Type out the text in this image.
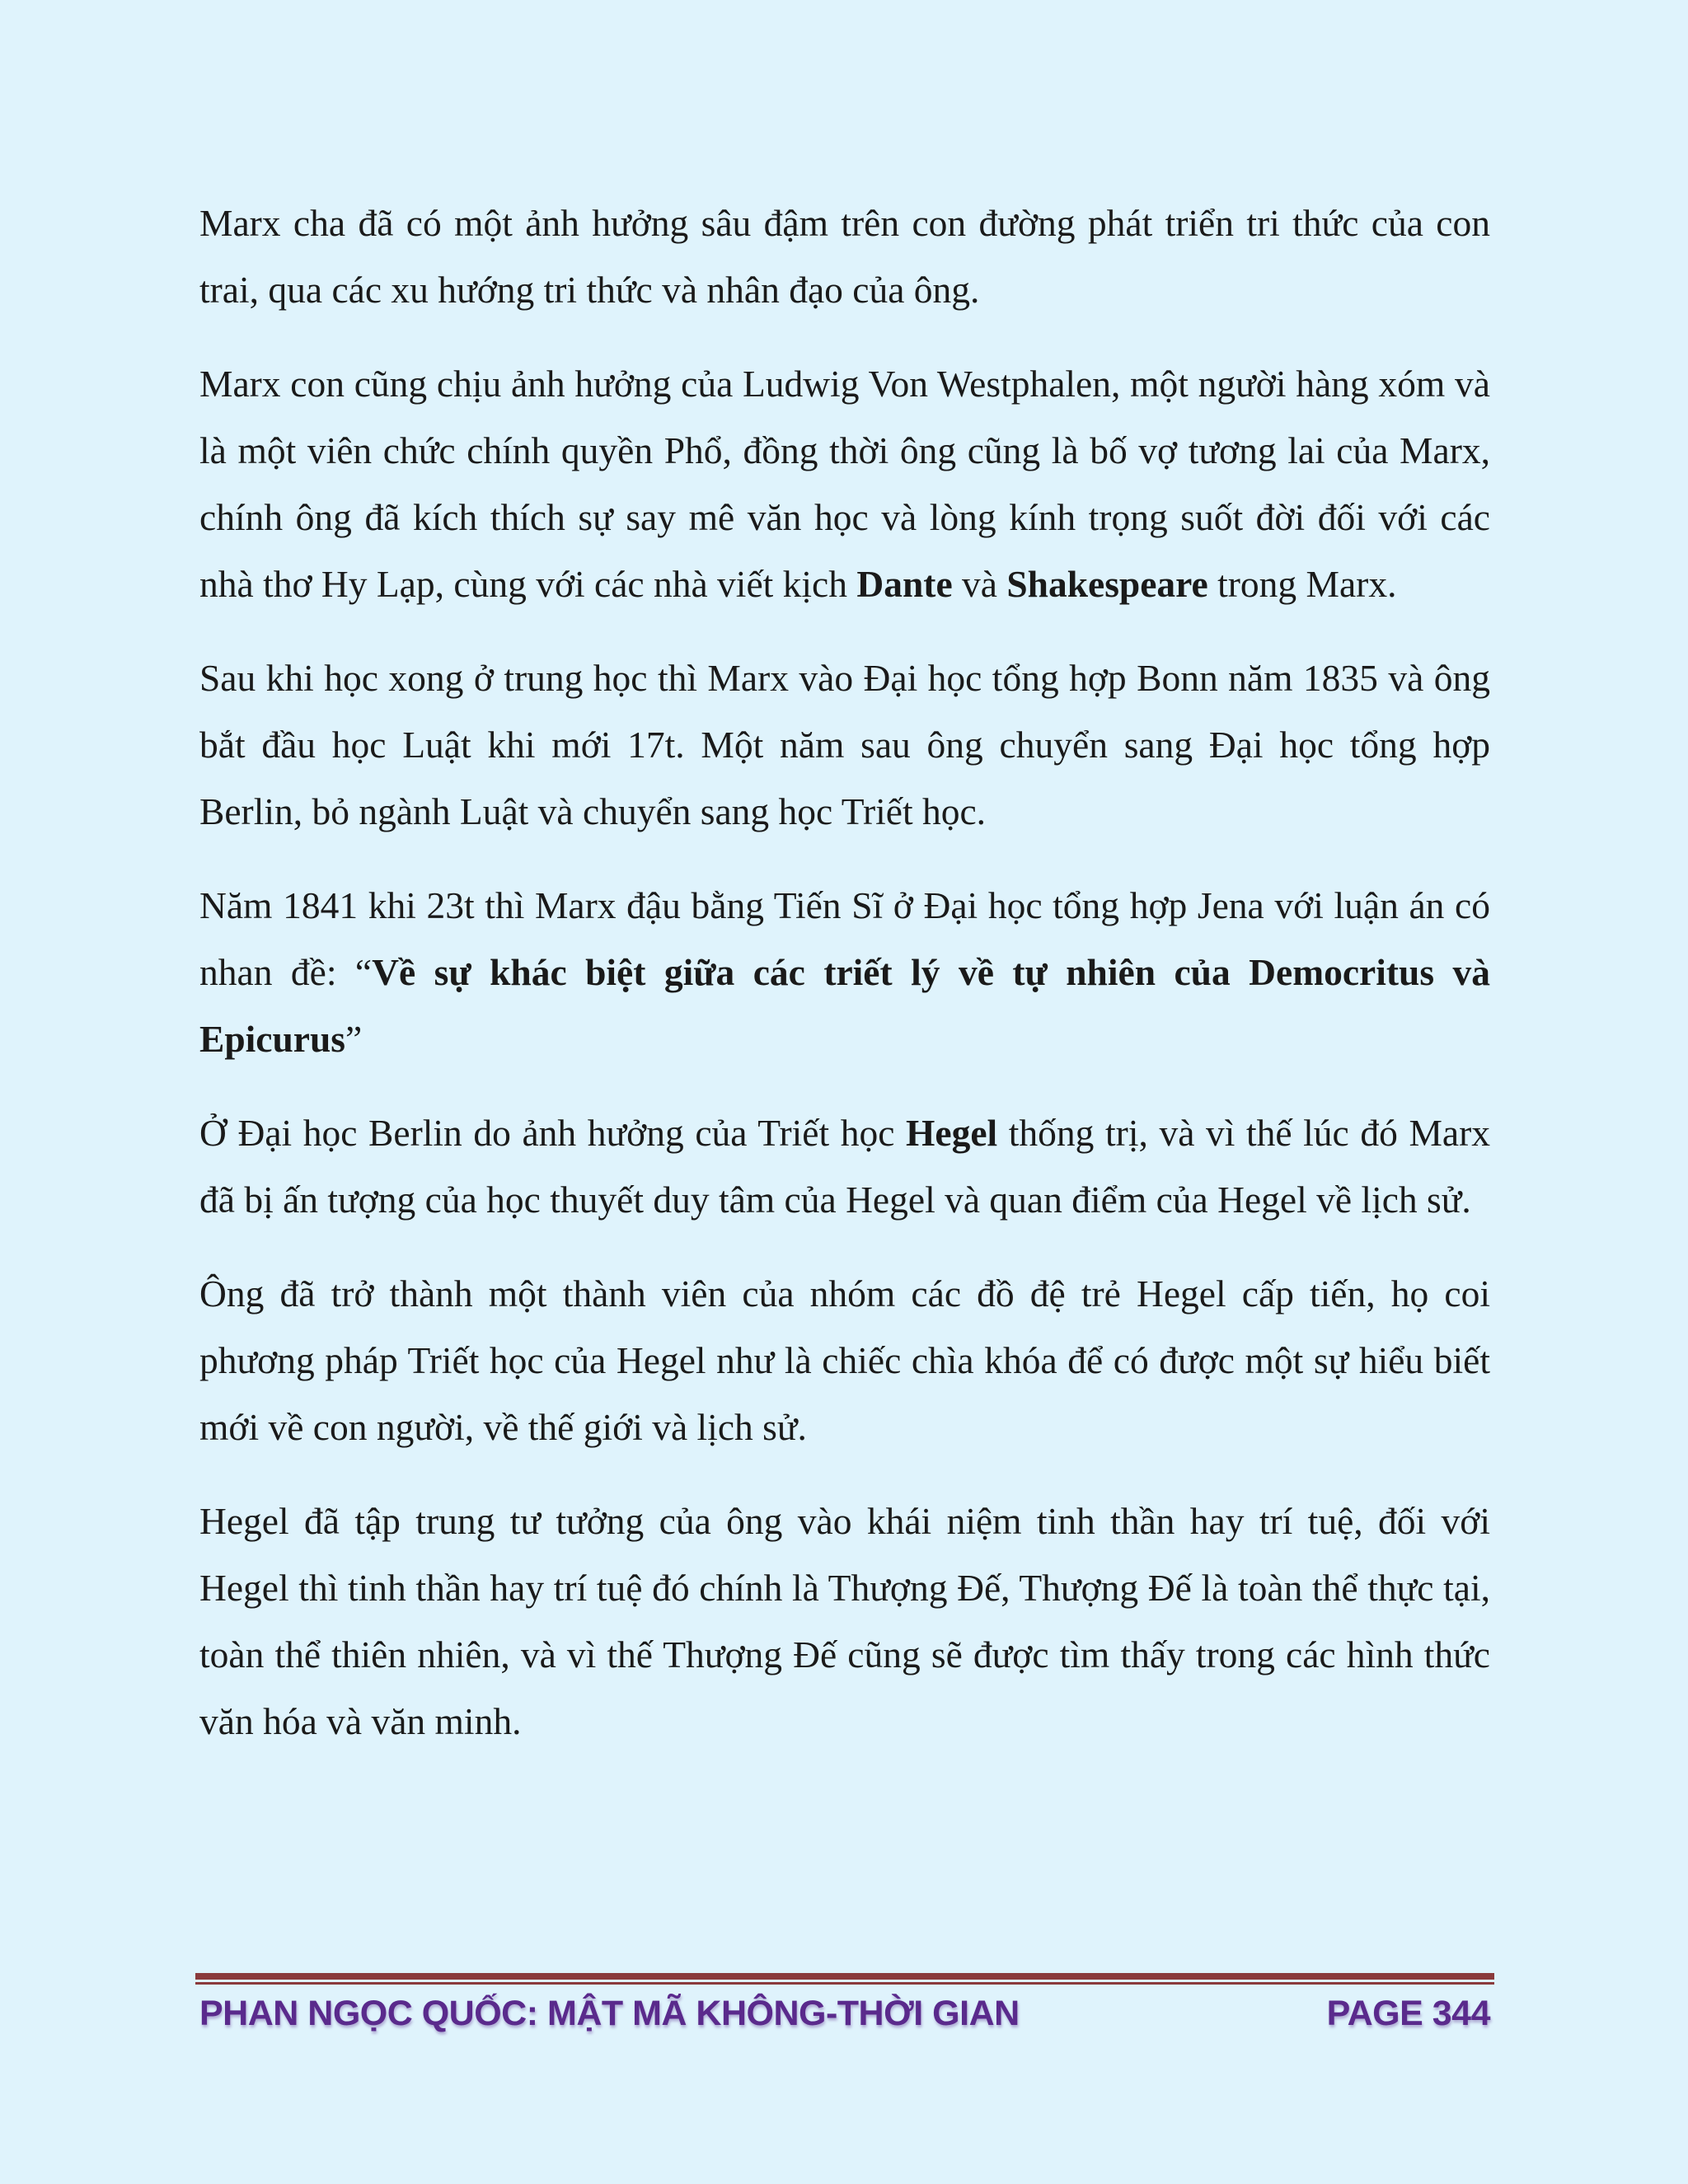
Marx cha đã có một ảnh hưởng sâu đậm trên con đường phát triển tri thức của con trai, qua các xu hướng tri thức và nhân đạo của ông.

Marx con cũng chịu ảnh hưởng của Ludwig Von Westphalen, một người hàng xóm và là một viên chức chính quyền Phổ, đồng thời ông cũng là bố vợ tương lai của Marx, chính ông đã kích thích sự say mê văn học và lòng kính trọng suốt đời đối với các nhà thơ Hy Lạp, cùng với các nhà viết kịch Dante và Shakespeare trong Marx.

Sau khi học xong ở trung học thì Marx vào Đại học tổng hợp Bonn năm 1835 và ông bắt đầu học Luật khi mới 17t. Một năm sau ông chuyển sang Đại học tổng hợp Berlin, bỏ ngành Luật và chuyển sang học Triết học.

Năm 1841 khi 23t thì Marx đậu bằng Tiến Sĩ ở Đại học tổng hợp Jena với luận án có nhan đề: “Về sự khác biệt giữa các triết lý về tự nhiên của Democritus và Epicurus”

Ở Đại học Berlin do ảnh hưởng của Triết học Hegel thống trị, và vì thế lúc đó Marx đã bị ấn tượng của học thuyết duy tâm của Hegel và quan điểm của Hegel về lịch sử.

Ông đã trở thành một thành viên của nhóm các đồ đệ trẻ Hegel cấp tiến, họ coi phương pháp Triết học của Hegel như là chiếc chìa khóa để có được một sự hiểu biết mới về con người, về thế giới và lịch sử.

Hegel đã tập trung tư tưởng của ông vào khái niệm tinh thần hay trí tuệ, đối với Hegel thì tinh thần hay trí tuệ đó chính là Thượng Đế, Thượng Đế là toàn thể thực tại, toàn thể thiên nhiên, và vì thế Thượng Đế cũng sẽ được tìm thấy trong các hình thức văn hóa và văn minh.

PHAN NGỌC QUỐC: MẬT MÃ KHÔNG-THỜI GIAN	PAGE 344
